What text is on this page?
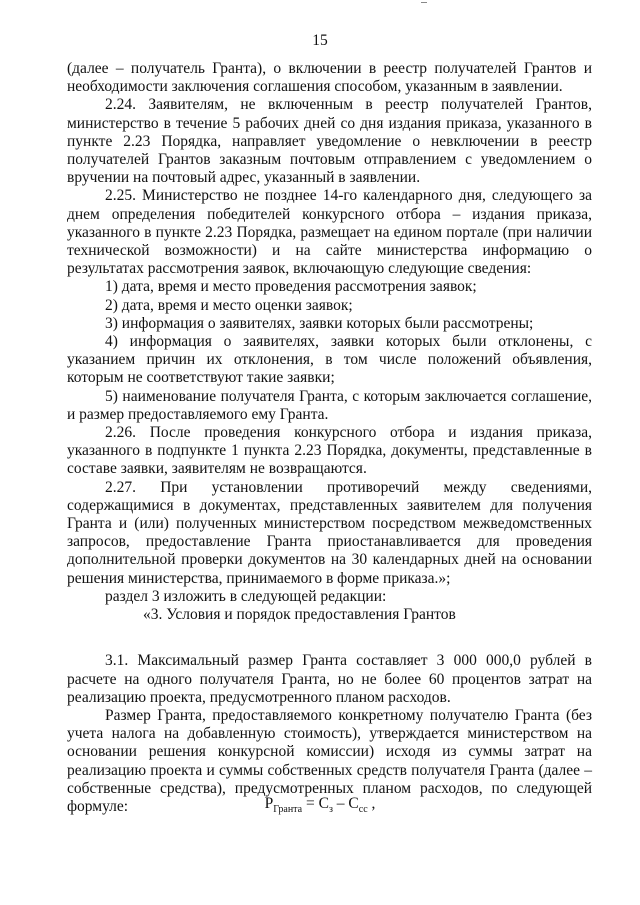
15

(далее – получатель Гранта), о включении в реестр получателей Грантов и необходимости заключения соглашения способом, указанным в заявлении.

2.24. Заявителям, не включенным в реестр получателей Грантов, министерство в течение 5 рабочих дней со дня издания приказа, указанного в пункте 2.23 Порядка, направляет уведомление о невключении в реестр получателей Грантов заказным почтовым отправлением с уведомлением о вручении на почтовый адрес, указанный в заявлении.

2.25. Министерство не позднее 14-го календарного дня, следующего за днем определения победителей конкурсного отбора – издания приказа, указанного в пункте 2.23 Порядка, размещает на едином портале (при наличии технической возможности) и на сайте министерства информацию о результатах рассмотрения заявок, включающую следующие сведения:

1) дата, время и место проведения рассмотрения заявок;

2) дата, время и место оценки заявок;

3) информация о заявителях, заявки которых были рассмотрены;

4) информация о заявителях, заявки которых были отклонены, с указанием причин их отклонения, в том числе положений объявления, которым не соответствуют такие заявки;

5) наименование получателя Гранта, с которым заключается соглашение, и размер предоставляемого ему Гранта.

2.26. После проведения конкурсного отбора и издания приказа, указанного в подпункте 1 пункта 2.23 Порядка, документы, представленные в составе заявки, заявителям не возвращаются.

2.27. При установлении противоречий между сведениями, содержащимися в документах, представленных заявителем для получения Гранта и (или) полученных министерством посредством межведомственных запросов, предоставление Гранта приостанавливается для проведения дополнительной проверки документов на 30 календарных дней на основании решения министерства, принимаемого в форме приказа.»;

раздел 3 изложить в следующей редакции:

«3. Условия и порядок предоставления Грантов

3.1. Максимальный размер Гранта составляет 3 000 000,0 рублей в расчете на одного получателя Гранта, но не более 60 процентов затрат на реализацию проекта, предусмотренного планом расходов.

Размер Гранта, предоставляемого конкретному получателю Гранта (без учета налога на добавленную стоимость), утверждается министерством на основании решения конкурсной комиссии) исходя из суммы затрат на реализацию проекта и суммы собственных средств получателя Гранта (далее – собственные средства), предусмотренных планом расходов, по следующей формуле:	$Р_{Гранта} = С_з - С_{сс}$ ,
